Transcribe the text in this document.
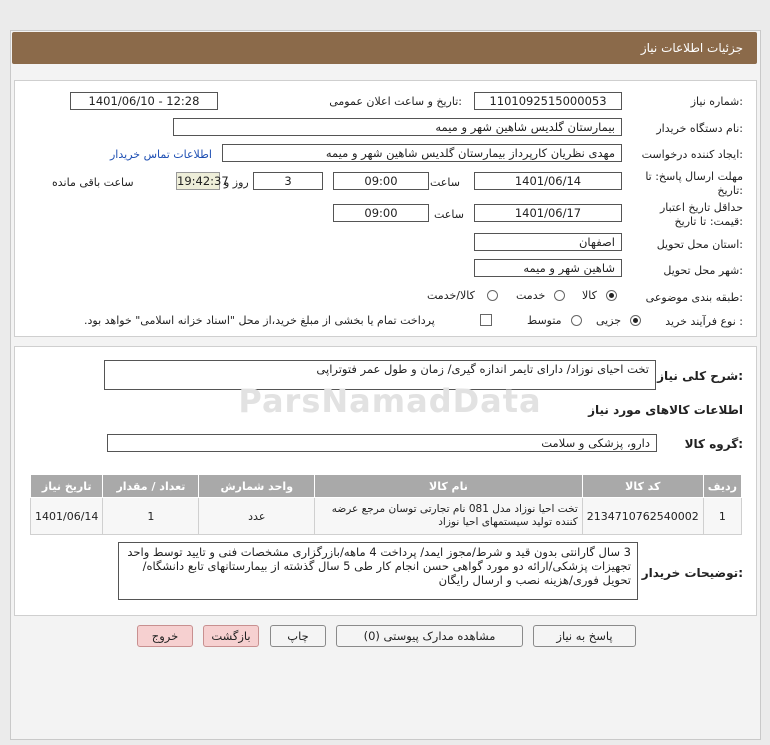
جزئیات اطلاعات نیاز
شماره نیاز:
1101092515000053
تاریخ و ساعت اعلان عمومی:
1401/06/10 - 12:28
نام دستگاه خریدار:
بیمارستان گلدیس شاهین شهر و میمه
ایجاد کننده درخواست:
مهدی نظریان کارپرداز بیمارستان گلدیس شاهین شهر و میمه
اطلاعات تماس خریدار
مهلت ارسال پاسخ: تا
تاریخ:
1401/06/14
ساعت
09:00
3
روز و
19:42:37
ساعت باقی مانده
حداقل تاریخ اعتبار
قیمت: تا تاریخ:
1401/06/17
ساعت
09:00
استان محل تحویل:
اصفهان
شهر محل تحویل:
شاهین شهر و میمه
طبقه بندی موضوعی:
کالا
خدمت
کالا/خدمت
نوع فرآیند خرید :
جزیی
متوسط
پرداخت تمام یا بخشی از مبلغ خرید،از محل "اسناد خزانه اسلامی" خواهد بود.
شرح کلی نیاز:
تخت احیای نوزاد/ دارای تایمر اندازه گیری/ زمان و طول عمر فتوتراپی
ParsNamadData	اطلاعات کالاهای مورد نیاز
گروه کالا:
دارو، پزشکی و سلامت
ردیف	کد کالا	نام کالا	واحد شمارش	تعداد / مقدار	تاریخ نیاز
1	2134710762540002	تخت احیا نوزاد مدل 081 نام تجارتی توسان مرجع عرضه کننده تولید سیستمهای احیا نوزاد	عدد	1	1401/06/14
توضیحات خریدار:
3 سال گارانتی بدون قید و شرط/مجوز ایمد/ پرداخت 4 ماهه/بازرگزاری مشخصات فنی و تایید توسط واحد تجهیزات پزشکی/ارائه دو مورد گواهی حسن انجام کار طی 5 سال گذشته از بیمارستانهای تابع دانشگاه/تحویل فوری/هزینه نصب و ارسال رایگان
پاسخ به نیاز
مشاهده مدارک پیوستی (0)
چاپ
بازگشت
خروج
